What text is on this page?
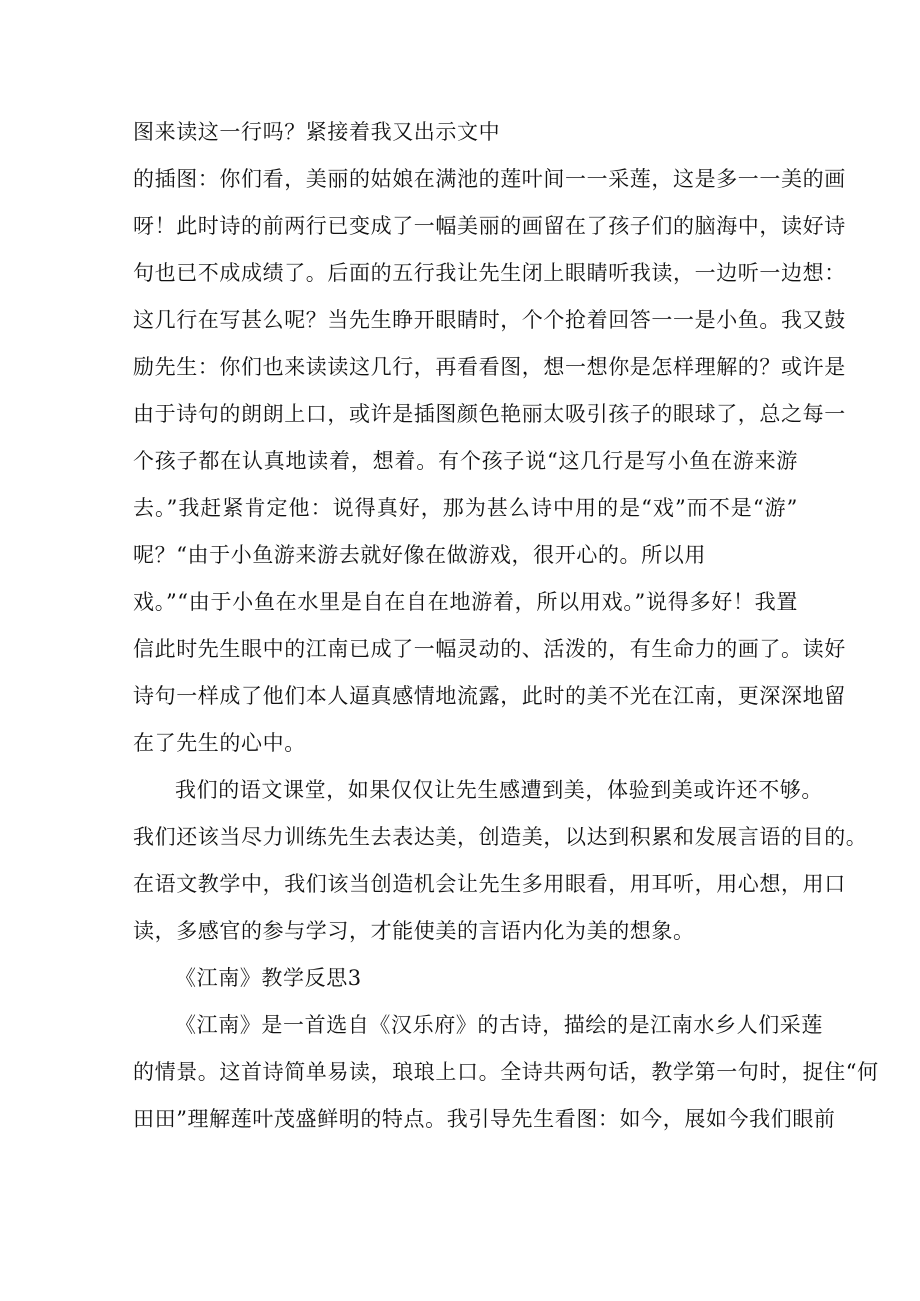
图来读这一行吗？紧接着我又出示文中
的插图：你们看，美丽的姑娘在满池的莲叶间一一采莲，这是多一一美的画
呀！此时诗的前两行已变成了一幅美丽的画留在了孩子们的脑海中，读好诗
句也已不成成绩了。后面的五行我让先生闭上眼睛听我读，一边听一边想：
这几行在写甚么呢？当先生睁开眼睛时，个个抢着回答一一是小鱼。我又鼓
励先生：你们也来读读这几行，再看看图，想一想你是怎样理解的？或许是
由于诗句的朗朗上口，或许是插图颜色艳丽太吸引孩子的眼球了，总之每一
个孩子都在认真地读着，想着。有个孩子说“这几行是写小鱼在游来游
去。”我赶紧肯定他：说得真好，那为甚么诗中用的是“戏”而不是“游”
呢？“由于小鱼游来游去就好像在做游戏，很开心的。所以用
戏。”“由于小鱼在水里是自在自在地游着，所以用戏。”说得多好！我置
信此时先生眼中的江南已成了一幅灵动的、活泼的，有生命力的画了。读好
诗句一样成了他们本人逼真感情地流露，此时的美不光在江南，更深深地留
在了先生的心中。
我们的语文课堂，如果仅仅让先生感遭到美，体验到美或许还不够。
我们还该当尽力训练先生去表达美，创造美，以达到积累和发展言语的目的。
在语文教学中，我们该当创造机会让先生多用眼看，用耳听，用心想，用口
读，多感官的参与学习，才能使美的言语内化为美的想象。
《江南》教学反思3
《江南》是一首选自《汉乐府》的古诗，描绘的是江南水乡人们采莲
的情景。这首诗简单易读，琅琅上口。全诗共两句话，教学第一句时，捉住“何
田田”理解莲叶茂盛鲜明的特点。我引导先生看图：如今，展如今我们眼前
